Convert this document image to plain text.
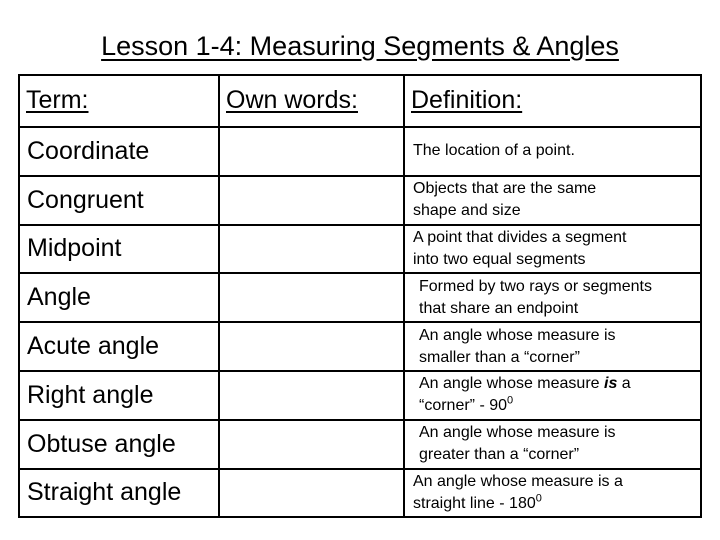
Lesson 1-4: Measuring Segments & Angles
Term:	Own words:	Definition:
Coordinate		The location of a point.
Congruent		Objects that are the same
shape and size
Midpoint		A point that divides a segment
into two equal segments
Angle		Formed by two rays or segments
that share an endpoint
Acute angle		An angle whose measure is
smaller than a “corner”
Right angle		An angle whose measure is a
“corner” - $90^0$
Obtuse angle		An angle whose measure is
greater than a “corner”
Straight angle		An angle whose measure is a
straight line - $180^0$
